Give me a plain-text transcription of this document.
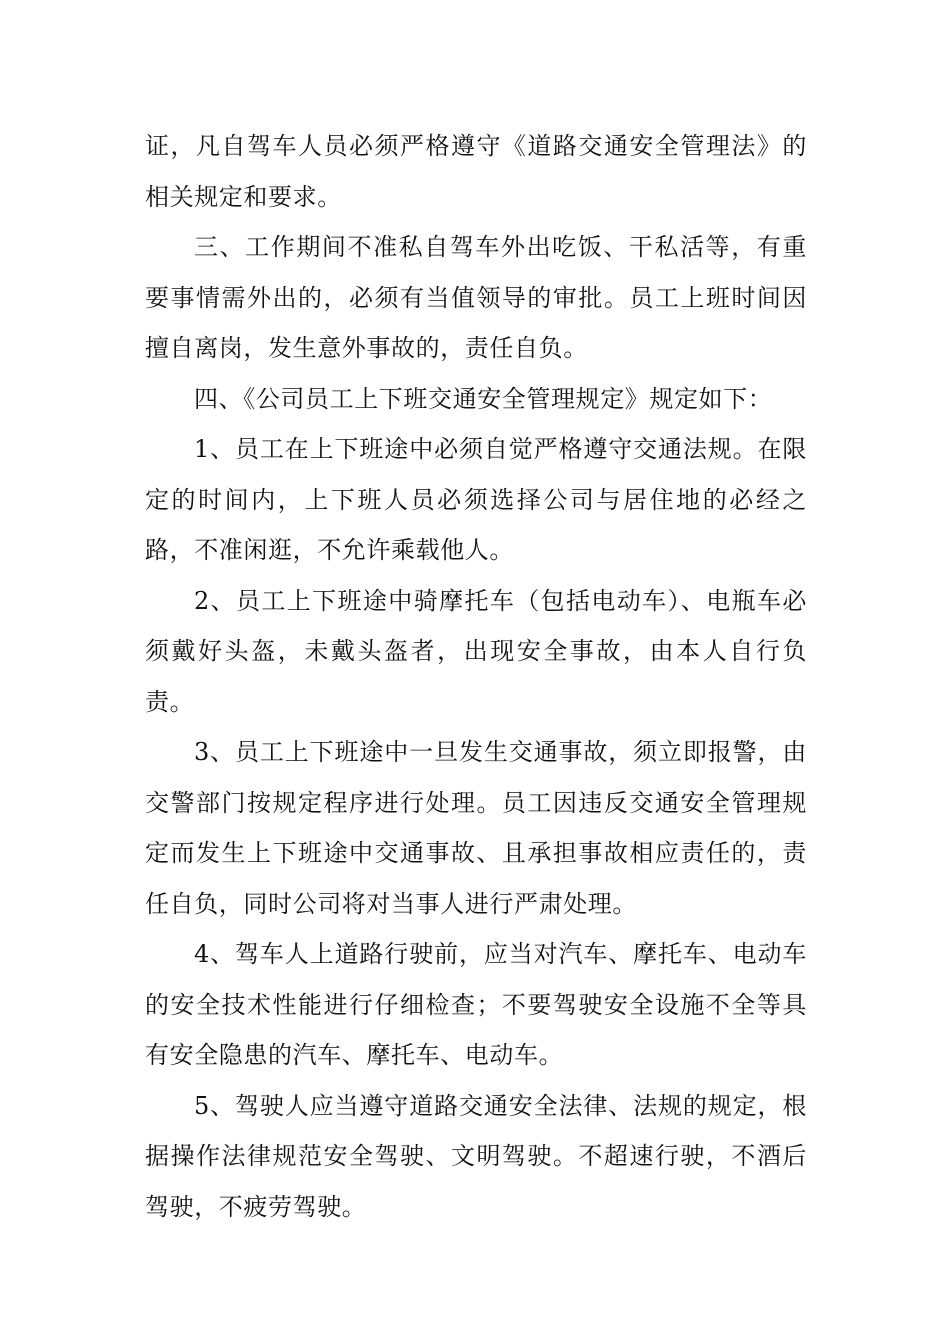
证，凡自驾车人员必须严格遵守《道路交通安全管理法》的相关规定和要求。

三、工作期间不准私自驾车外出吃饭、干私活等，有重要事情需外出的，必须有当值领导的审批。员工上班时间因擅自离岗，发生意外事故的，责任自负。

四、《公司员工上下班交通安全管理规定》规定如下：

1、员工在上下班途中必须自觉严格遵守交通法规。在限定的时间内，上下班人员必须选择公司与居住地的必经之路，不准闲逛，不允许乘载他人。

2、员工上下班途中骑摩托车（包括电动车）、电瓶车必须戴好头盔，未戴头盔者，出现安全事故，由本人自行负责。

3、员工上下班途中一旦发生交通事故，须立即报警，由交警部门按规定程序进行处理。员工因违反交通安全管理规定而发生上下班途中交通事故、且承担事故相应责任的，责任自负，同时公司将对当事人进行严肃处理。

4、驾车人上道路行驶前，应当对汽车、摩托车、电动车的安全技术性能进行仔细检查；不要驾驶安全设施不全等具有安全隐患的汽车、摩托车、电动车。

5、驾驶人应当遵守道路交通安全法律、法规的规定，根据操作法律规范安全驾驶、文明驾驶。不超速行驶，不酒后驾驶，不疲劳驾驶。
